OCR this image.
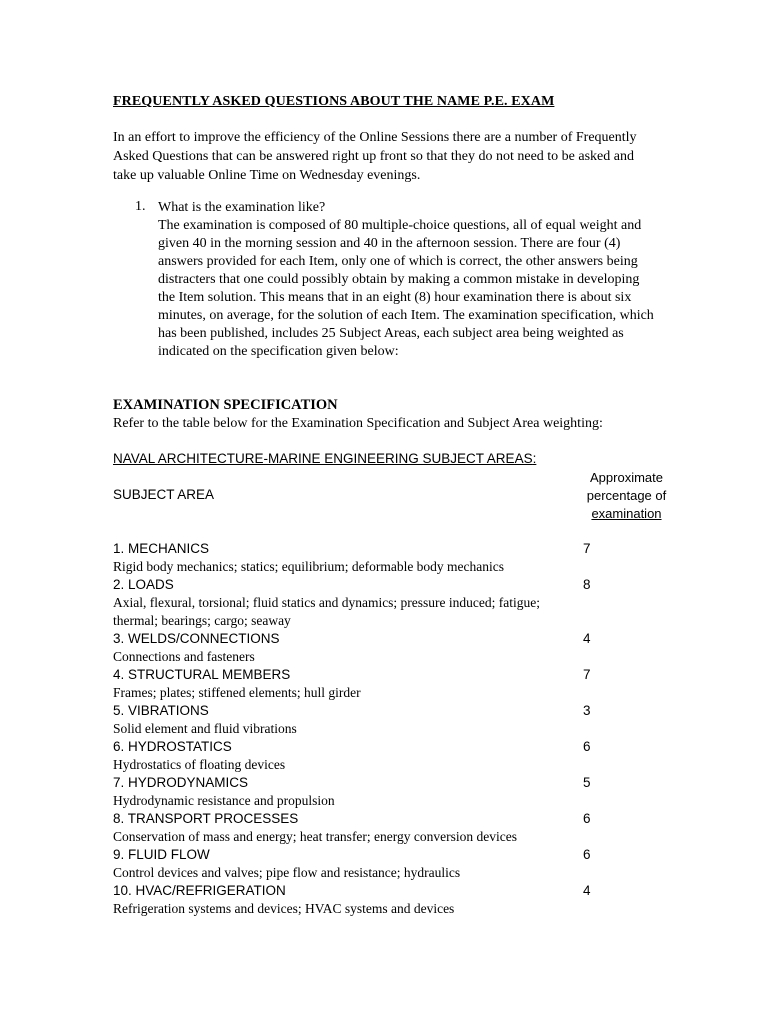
FREQUENTLY ASKED QUESTIONS ABOUT THE NAME P.E. EXAM
In an effort to improve the efficiency of the Online Sessions there are a number of Frequently Asked Questions that can be answered right up front so that they do not need to be asked and take up valuable Online Time on Wednesday evenings.
1. What is the examination like?
The examination is composed of 80 multiple-choice questions, all of equal weight and given 40 in the morning session and 40 in the afternoon session. There are four (4) answers provided for each Item, only one of which is correct, the other answers being distracters that one could possibly obtain by making a common mistake in developing the Item solution. This means that in an eight (8) hour examination there is about six minutes, on average, for the solution of each Item. The examination specification, which has been published, includes 25 Subject Areas, each subject area being weighted as indicated on the specification given below:
EXAMINATION SPECIFICATION
Refer to the table below for the Examination Specification and Subject Area weighting:
NAVAL ARCHITECTURE-MARINE ENGINEERING SUBJECT AREAS:
SUBJECT AREA
Approximate
percentage of
examination
1. MECHANICS	7
Rigid body mechanics; statics; equilibrium; deformable body mechanics
2. LOADS	8
Axial, flexural, torsional; fluid statics and dynamics; pressure induced; fatigue; thermal; bearings; cargo; seaway
3. WELDS/CONNECTIONS	4
Connections and fasteners
4. STRUCTURAL MEMBERS	7
Frames; plates; stiffened elements; hull girder
5. VIBRATIONS	3
Solid element and fluid vibrations
6. HYDROSTATICS	6
Hydrostatics of floating devices
7. HYDRODYNAMICS	5
Hydrodynamic resistance and propulsion
8. TRANSPORT PROCESSES	6
Conservation of mass and energy; heat transfer; energy conversion devices
9. FLUID FLOW	6
Control devices and valves; pipe flow and resistance; hydraulics
10. HVAC/REFRIGERATION	4
Refrigeration systems and devices; HVAC systems and devices
